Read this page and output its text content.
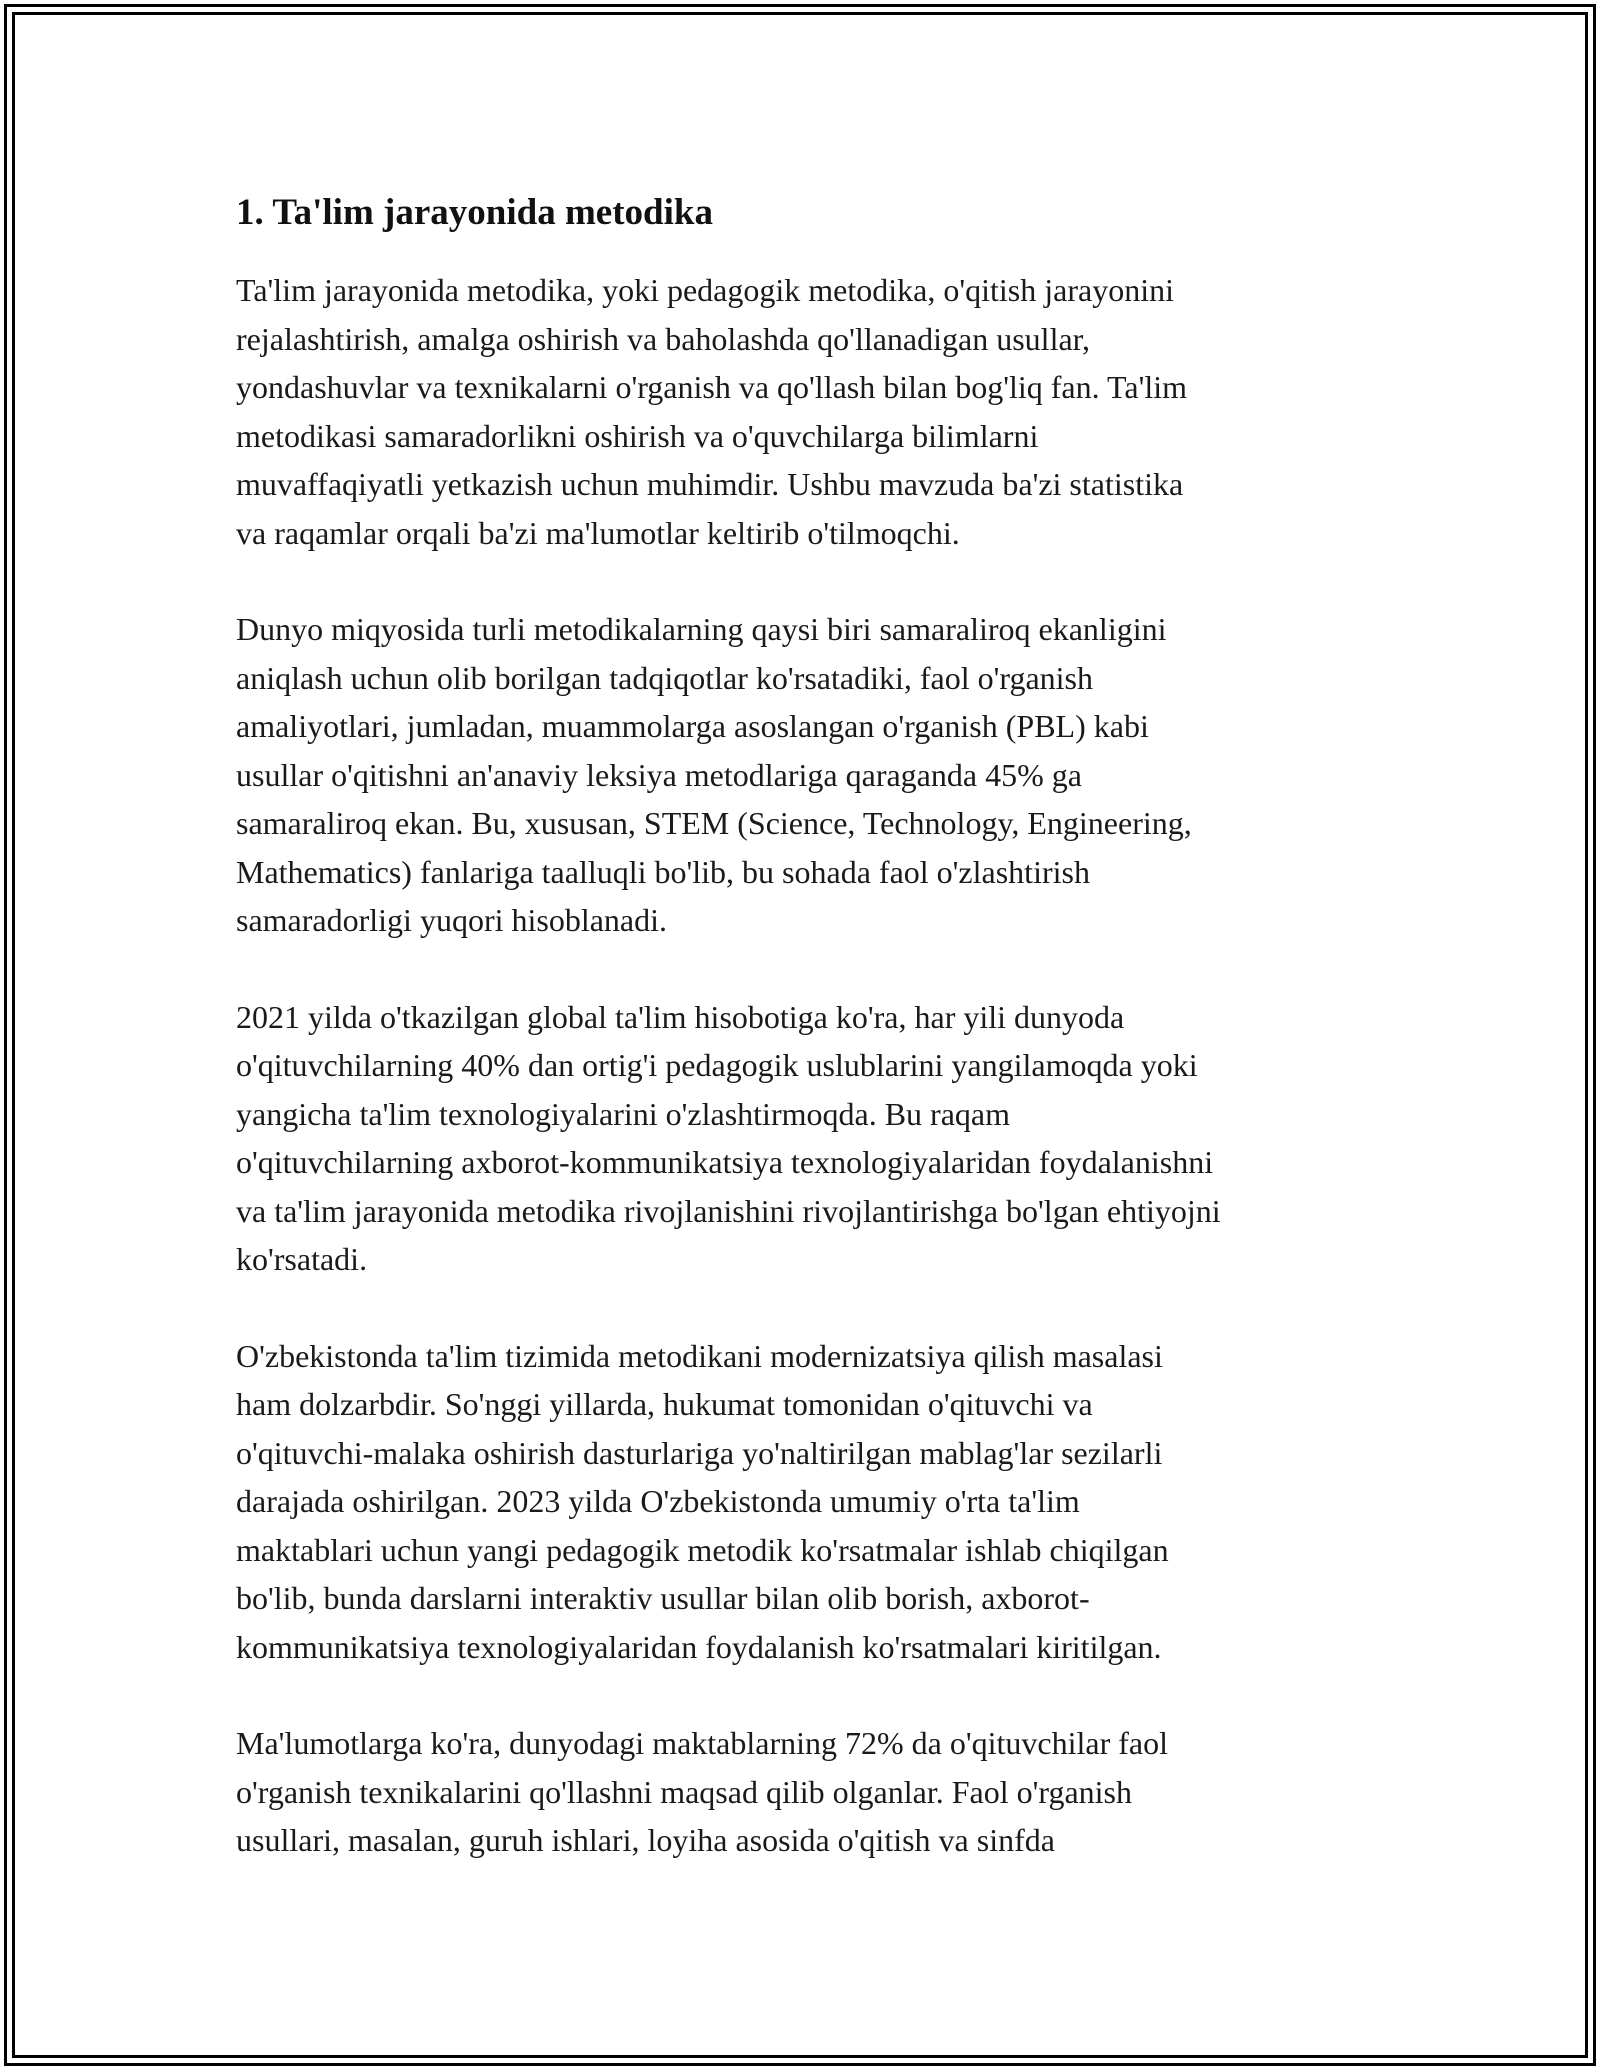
1. Ta'lim jarayonida metodika

Ta'lim jarayonida metodika, yoki pedagogik metodika, o'qitish jarayonini
rejalashtirish, amalga oshirish va baholashda qo'llanadigan usullar,
yondashuvlar va texnikalarni o'rganish va qo'llash bilan bog'liq fan. Ta'lim
metodikasi samaradorlikni oshirish va o'quvchilarga bilimlarni
muvaffaqiyatli yetkazish uchun muhimdir. Ushbu mavzuda ba'zi statistika
va raqamlar orqali ba'zi ma'lumotlar keltirib o'tilmoqchi.

Dunyo miqyosida turli metodikalarning qaysi biri samaraliroq ekanligini
aniqlash uchun olib borilgan tadqiqotlar ko'rsatadiki, faol o'rganish
amaliyotlari, jumladan, muammolarga asoslangan o'rganish (PBL) kabi
usullar o'qitishni an'anaviy leksiya metodlariga qaraganda 45% ga
samaraliroq ekan. Bu, xususan, STEM (Science, Technology, Engineering,
Mathematics) fanlariga taalluqli bo'lib, bu sohada faol o'zlashtirish
samaradorligi yuqori hisoblanadi.

2021 yilda o'tkazilgan global ta'lim hisobotiga ko'ra, har yili dunyoda
o'qituvchilarning 40% dan ortig'i pedagogik uslublarini yangilamoqda yoki
yangicha ta'lim texnologiyalarini o'zlashtirmoqda. Bu raqam
o'qituvchilarning axborot-kommunikatsiya texnologiyalaridan foydalanishni
va ta'lim jarayonida metodika rivojlanishini rivojlantirishga bo'lgan ehtiyojni
ko'rsatadi.

O'zbekistonda ta'lim tizimida metodikani modernizatsiya qilish masalasi
ham dolzarbdir. So'nggi yillarda, hukumat tomonidan o'qituvchi va
o'qituvchi-malaka oshirish dasturlariga yo'naltirilgan mablag'lar sezilarli
darajada oshirilgan. 2023 yilda O'zbekistonda umumiy o'rta ta'lim
maktablari uchun yangi pedagogik metodik ko'rsatmalar ishlab chiqilgan
bo'lib, bunda darslarni interaktiv usullar bilan olib borish, axborot-
kommunikatsiya texnologiyalaridan foydalanish ko'rsatmalari kiritilgan.

Ma'lumotlarga ko'ra, dunyodagi maktablarning 72% da o'qituvchilar faol
o'rganish texnikalarini qo'llashni maqsad qilib olganlar. Faol o'rganish
usullari, masalan, guruh ishlari, loyiha asosida o'qitish va sinfda
